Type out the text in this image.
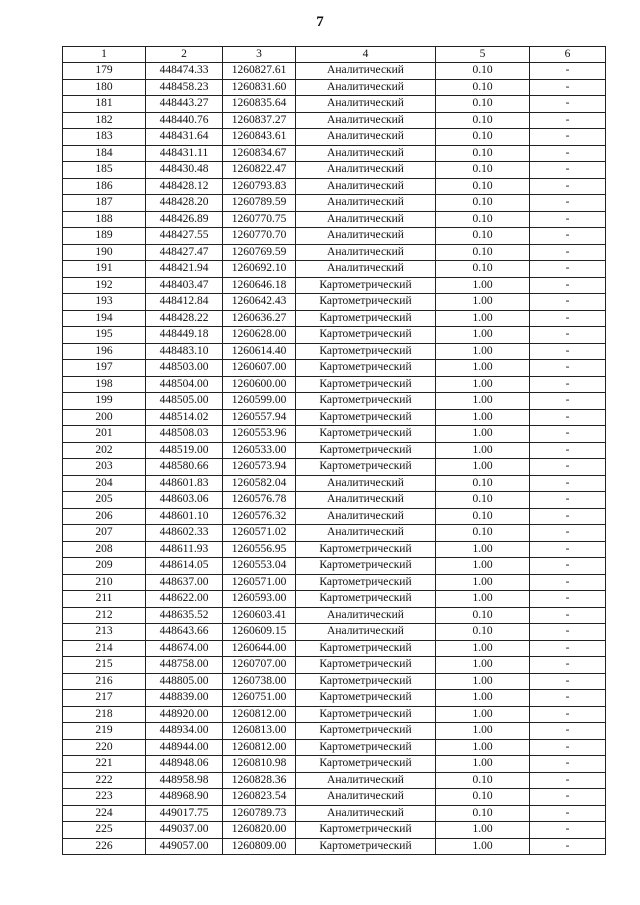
7
1	2	3	4	5	6
179	448474.33	1260827.61	Аналитический	0.10	-
180	448458.23	1260831.60	Аналитический	0.10	-
181	448443.27	1260835.64	Аналитический	0.10	-
182	448440.76	1260837.27	Аналитический	0.10	-
183	448431.64	1260843.61	Аналитический	0.10	-
184	448431.11	1260834.67	Аналитический	0.10	-
185	448430.48	1260822.47	Аналитический	0.10	-
186	448428.12	1260793.83	Аналитический	0.10	-
187	448428.20	1260789.59	Аналитический	0.10	-
188	448426.89	1260770.75	Аналитический	0.10	-
189	448427.55	1260770.70	Аналитический	0.10	-
190	448427.47	1260769.59	Аналитический	0.10	-
191	448421.94	1260692.10	Аналитический	0.10	-
192	448403.47	1260646.18	Картометрический	1.00	-
193	448412.84	1260642.43	Картометрический	1.00	-
194	448428.22	1260636.27	Картометрический	1.00	-
195	448449.18	1260628.00	Картометрический	1.00	-
196	448483.10	1260614.40	Картометрический	1.00	-
197	448503.00	1260607.00	Картометрический	1.00	-
198	448504.00	1260600.00	Картометрический	1.00	-
199	448505.00	1260599.00	Картометрический	1.00	-
200	448514.02	1260557.94	Картометрический	1.00	-
201	448508.03	1260553.96	Картометрический	1.00	-
202	448519.00	1260533.00	Картометрический	1.00	-
203	448580.66	1260573.94	Картометрический	1.00	-
204	448601.83	1260582.04	Аналитический	0.10	-
205	448603.06	1260576.78	Аналитический	0.10	-
206	448601.10	1260576.32	Аналитический	0.10	-
207	448602.33	1260571.02	Аналитический	0.10	-
208	448611.93	1260556.95	Картометрический	1.00	-
209	448614.05	1260553.04	Картометрический	1.00	-
210	448637.00	1260571.00	Картометрический	1.00	-
211	448622.00	1260593.00	Картометрический	1.00	-
212	448635.52	1260603.41	Аналитический	0.10	-
213	448643.66	1260609.15	Аналитический	0.10	-
214	448674.00	1260644.00	Картометрический	1.00	-
215	448758.00	1260707.00	Картометрический	1.00	-
216	448805.00	1260738.00	Картометрический	1.00	-
217	448839.00	1260751.00	Картометрический	1.00	-
218	448920.00	1260812.00	Картометрический	1.00	-
219	448934.00	1260813.00	Картометрический	1.00	-
220	448944.00	1260812.00	Картометрический	1.00	-
221	448948.06	1260810.98	Картометрический	1.00	-
222	448958.98	1260828.36	Аналитический	0.10	-
223	448968.90	1260823.54	Аналитический	0.10	-
224	449017.75	1260789.73	Аналитический	0.10	-
225	449037.00	1260820.00	Картометрический	1.00	-
226	449057.00	1260809.00	Картометрический	1.00	-
